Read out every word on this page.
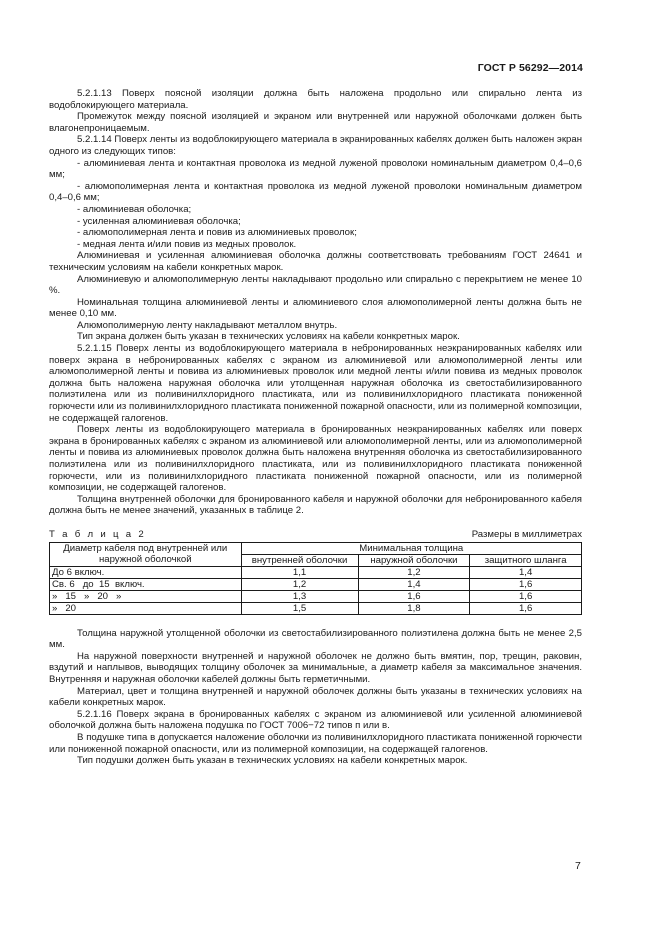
ГОСТ Р 56292—2014

5.2.1.13 Поверх поясной изоляции должна быть наложена продольно или спирально лента из водоблокирующего материала.

Промежуток между поясной изоляцией и экраном или внутренней или наружной оболочками должен быть влагонепроницаемым.

5.2.1.14 Поверх ленты из водоблокирующего материала в экранированных кабелях должен быть наложен экран одного из следующих типов:

- алюминиевая лента и контактная проволока из медной луженой проволоки номинальным диаметром 0,4–0,6 мм;

- алюмополимерная лента и контактная проволока из медной луженой проволоки номинальным диаметром 0,4–0,6 мм;

- алюминиевая оболочка;

- усиленная алюминиевая оболочка;

- алюмополимерная лента и повив из алюминиевых проволок;

- медная лента и/или повив из медных проволок.

Алюминиевая и усиленная алюминиевая оболочка должны соответствовать требованиям ГОСТ 24641 и техническим условиям на кабели конкретных марок.

Алюминиевую и алюмополимерную ленты накладывают продольно или спирально с перекрытием не менее 10 %.

Номинальная толщина алюминиевой ленты и алюминиевого слоя алюмополимерной ленты должна быть не менее 0,10 мм.

Алюмополимерную ленту накладывают металлом внутрь.

Тип экрана должен быть указан в технических условиях на кабели конкретных марок.

5.2.1.15 Поверх ленты из водоблокирующего материала в небронированных неэкранированных кабелях или поверх экрана в небронированных кабелях с экраном из алюминиевой или алюмополимерной ленты или алюмополимерной ленты и повива из алюминиевых проволок или медной ленты и/или повива из медных проволок должна быть наложена наружная оболочка или утолщенная наружная оболочка из светостабилизированного полиэтилена или из поливинилхлоридного пластиката, или из поливинилхлоридного пластиката пониженной горючести или из поливинилхлоридного пластиката пониженной пожарной опасности, или из полимерной композиции, не содержащей галогенов.

Поверх ленты из водоблокирующего материала в бронированных неэкранированных кабелях или поверх экрана в бронированных кабелях с экраном из алюминиевой или алюмополимерной ленты, или из алюмополимерной ленты и повива из алюминиевых проволок должна быть наложена внутренняя оболочка из светостабилизированного полиэтилена или из поливинилхлоридного пластиката, или из поливинилхлоридного пластиката пониженной горючести, или из поливинилхлоридного пластиката пониженной пожарной опасности, или из полимерной композиции, не содержащей галогенов.

Толщина внутренней оболочки для бронированного кабеля и наружной оболочки для небронированного кабеля должна быть не менее значений, указанных в таблице 2.

Т а б л и ц а 2	Размеры в миллиметрах
Диаметр кабеля под внутренней или наружной оболочкой	Минимальная толщина		
	внутренней оболочки	наружной оболочки	защитного шланга
До 6 включ.	1,1	1,2	1,4
Св. 6   до  15  включ.	1,2	1,4	1,6
»   15   »   20   »	1,3	1,6	1,6
»   20	1,5	1,8	1,6

Толщина наружной утолщенной оболочки из светостабилизированного полиэтилена должна быть не менее 2,5 мм.

На наружной поверхности внутренней и наружной оболочек не должно быть вмятин, пор, трещин, раковин, вздутий и наплывов, выводящих толщину оболочек за минимальные, а диаметр кабеля за максимальное значения. Внутренняя и наружная оболочки кабелей должны быть герметичными.

Материал, цвет и толщина внутренней и наружной оболочек должны быть указаны в технических условиях на кабели конкретных марок.

5.2.1.16 Поверх экрана в бронированных кабелях с экраном из алюминиевой или усиленной алюминиевой оболочкой должна быть наложена подушка по ГОСТ 7006−72 типов п или в.

В подушке типа в допускается наложение оболочки из поливинилхлоридного пластиката пониженной горючести или пониженной пожарной опасности, или из полимерной композиции, на содержащей галогенов.

Тип подушки должен быть указан в технических условиях на кабели конкретных марок.

7
